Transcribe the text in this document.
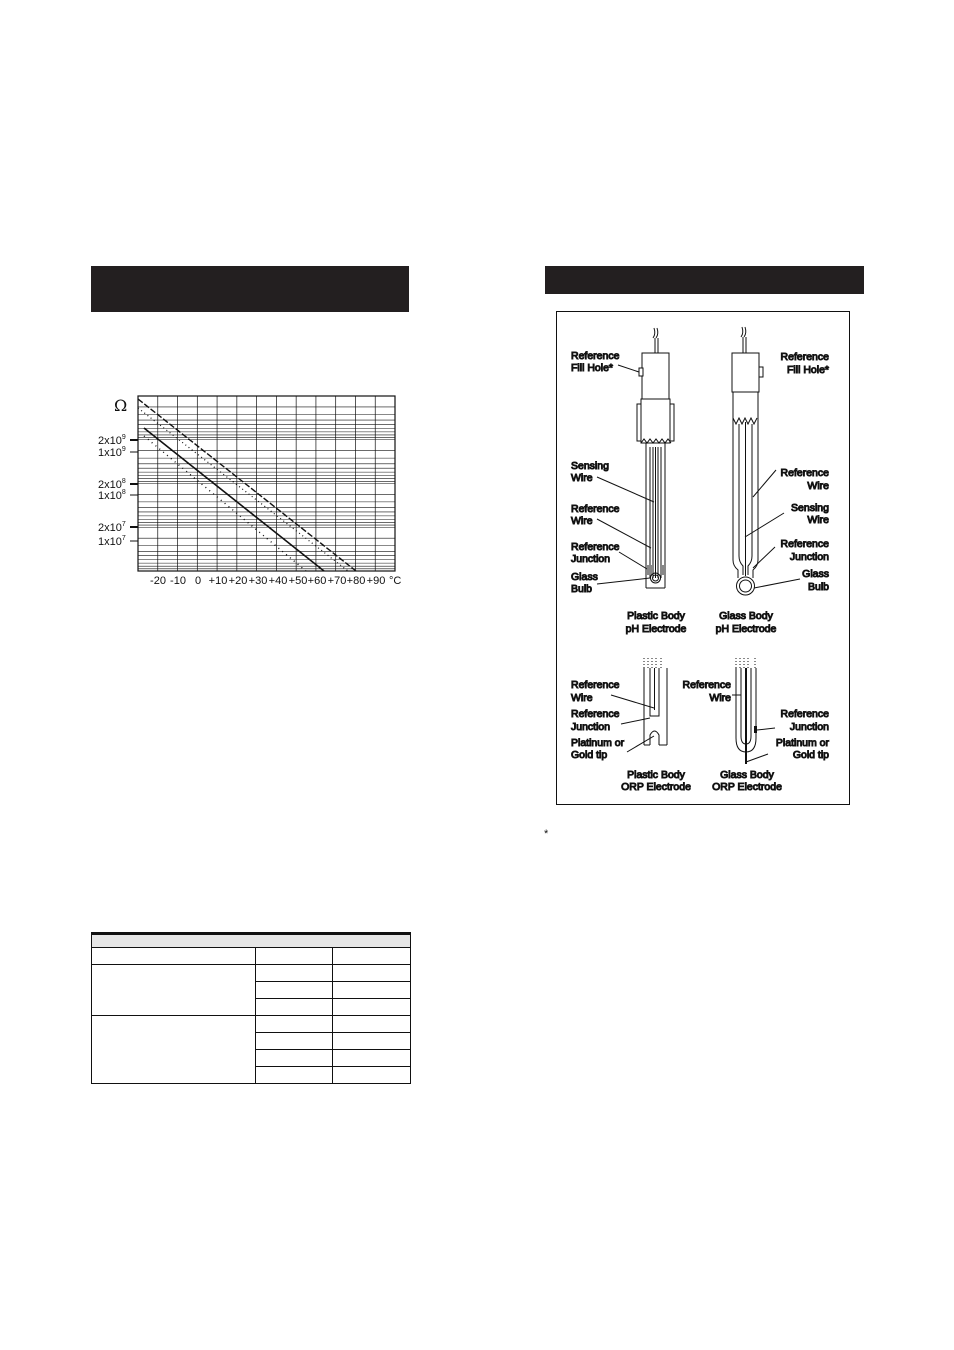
Ω
$2x10^9$
$1x10^9$
$2x10^8$
$1x10^8$
$2x10^7$
$1x10^7$
-20 -10 0 +10 +20 +30 +40 +50 +60 +70 +80 +90 °C

Reference
Fill Hole*
Sensing
Wire
Reference
Wire
Reference
Junction
Glass
Bulb
Plastic Body
pH Electrode
Reference
Fill Hole*
Reference
Wire
Sensing
Wire
Reference
Junction
Glass
Bulb
Glass Body
pH Electrode
Reference
Wire
Reference
Junction
Platinum or
Gold tip
Plastic Body
ORP Electrode
Reference
Wire
Reference
Junction
Platinum or
Gold tip
Glass Body
ORP Electrode
*
